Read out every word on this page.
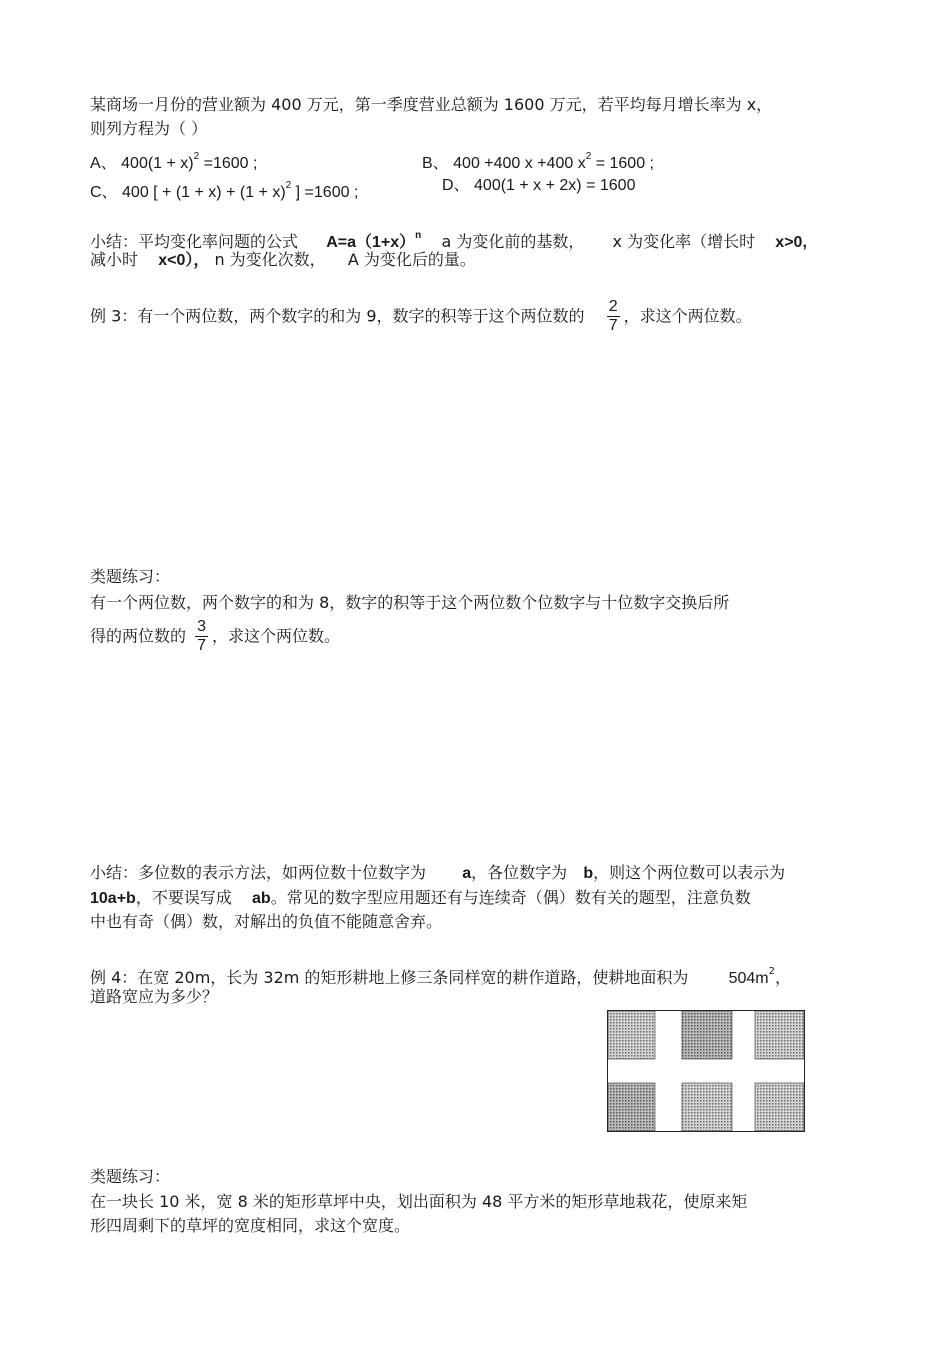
某商场一月份的营业额为 400 万元，第一季度营业总额为 1600 万元，若平均每月增长率为 x，
则列方程为（ ）
A、 $400(1 + x)^2 =1600$ ;	B、 400 +400 x +400 $x^2 = 1600$ ;
C、 400 [ + $(1 + x) + (1 + x)^2$ ] =1600 ;	D、 400(1 + x + 2x) = 1600
小结：平均变化率问题的公式 $A=a(1+x)^n$  a 为变化前的基数， x 为变化率（增长时 x>0,
减小时 x<0）， n 为变化次数， A 为变化后的量。
例 3：有一个两位数，两个数字的和为 9，数字的积等于这个两位数的 $\frac{2}{7}$ ，求这个两位数。
类题练习：
有一个两位数，两个数字的和为 8，数字的积等于这个两位数个位数字与十位数字交换后所
得的两位数的 $\frac{3}{7}$ ，求这个两位数。
小结：多位数的表示方法，如两位数十位数字为 a，各位数字为 b，则这个两位数可以表示为
10a+b，不要误写成 ab。常见的数字型应用题还有与连续奇（偶）数有关的题型，注意负数
中也有奇（偶）数，对解出的负值不能随意舍弃。
例 4：在宽 20m，长为 32m 的矩形耕地上修三条同样宽的耕作道路，使耕地面积为	$504m^2$，
道路宽应为多少？
类题练习：
在一块长 10 米，宽 8 米的矩形草坪中央，划出面积为 48 平方米的矩形草地栽花，使原来矩
形四周剩下的草坪的宽度相同，求这个宽度。
